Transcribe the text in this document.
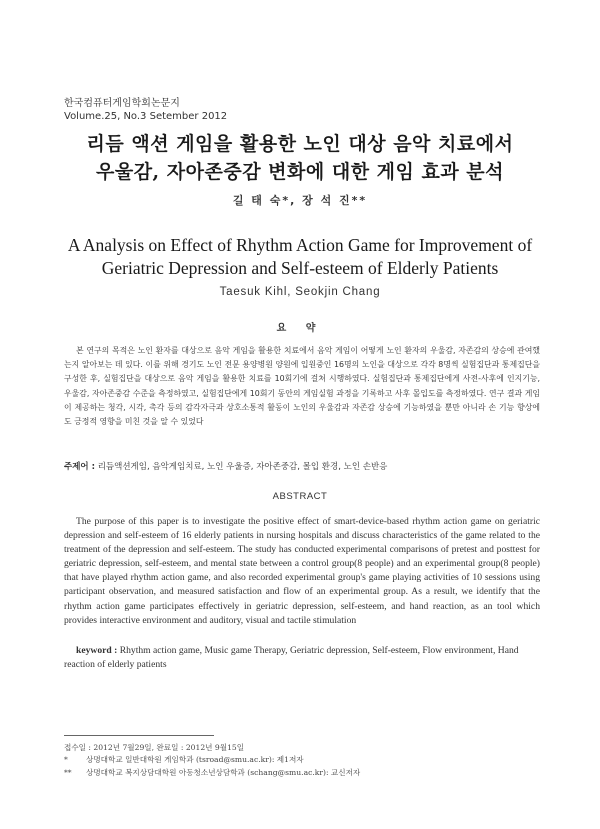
한국컴퓨터게임학회논문지
Volume.25, No.3 Setember 2012
리듬 액션 게임을 활용한 노인 대상 음악 치료에서
우울감, 자아존중감 변화에 대한 게임 효과 분석
길 태 숙*, 장 석 진**
A Analysis on Effect of Rhythm Action Game for Improvement of
Geriatric Depression and Self-esteem of Elderly Patients
Taesuk Kihl, Seokjin Chang
요 약
본 연구의 목적은 노인 환자를 대상으로 음악 게임을 활용한 치료에서 음악 게임이 어떻게 노인 환자의 우울감, 자존감의 상승에 관여했는지 알아보는 데 있다. 이를 위해 경기도 노인 전문 용양병원 양원에 입원중인 16명의 노인을 대상으로 각각 8명씩 실험집단과 통제집단을 구성한 후, 실험집단을 대상으로 음악 게임을 활용한 치료를 10회기에 걸쳐 시행하였다. 실험집단과 통제집단에게 사전-사후에 인지기능, 우울감, 자아존중감 수준을 측정하였고, 실험집단에게 10회기 동안의 게임실험 과정을 기록하고 사후 몰입도를 측정하였다. 연구 결과 게임이 제공하는 청각, 시각, 촉각 등의 감각자극과 상호소통적 활동이 노인의 우울감과 자존감 상승에 기능하였을 뿐만 아니라 손 기능 향상에도 긍정적 영향을 미친 것을 알 수 있었다
주제어 : 리듬액션게임, 음악게임치료, 노인 우울증, 자아존중감, 몰입 환경, 노인 손반응
ABSTRACT
The purpose of this paper is to investigate the positive effect of smart-device-based rhythm action game on geriatric depression and self-esteem of 16 elderly patients in nursing hospitals and discuss characteristics of the game related to the treatment of the depression and self-esteem. The study has conducted experimental comparisons of pretest and posttest for geriatric depression, self-esteem, and mental state between a control group(8 people) and an experimental group(8 people) that have played rhythm action game, and also recorded experimental group's game playing activities of 10 sessions using participant observation, and measured satisfaction and flow of an experimental group. As a result, we identify that the rhythm action game participates effectively in geriatric depression, self-esteem, and hand reaction, as an tool which provides interactive environment and auditory, visual and tactile stimulation
keyword : Rhythm action game, Music game Therapy, Geriatric depression, Self-esteem, Flow environment, Hand reaction of elderly patients
접수일 : 2012년 7월29일, 완료일 : 2012년 9월15일
* 상명대학교 일반대학원 게임학과 (tsroad@smu.ac.kr): 제1저자
** 상명대학교 복지상담대학원 아동청소년상담학과 (schang@smu.ac.kr): 교신저자
